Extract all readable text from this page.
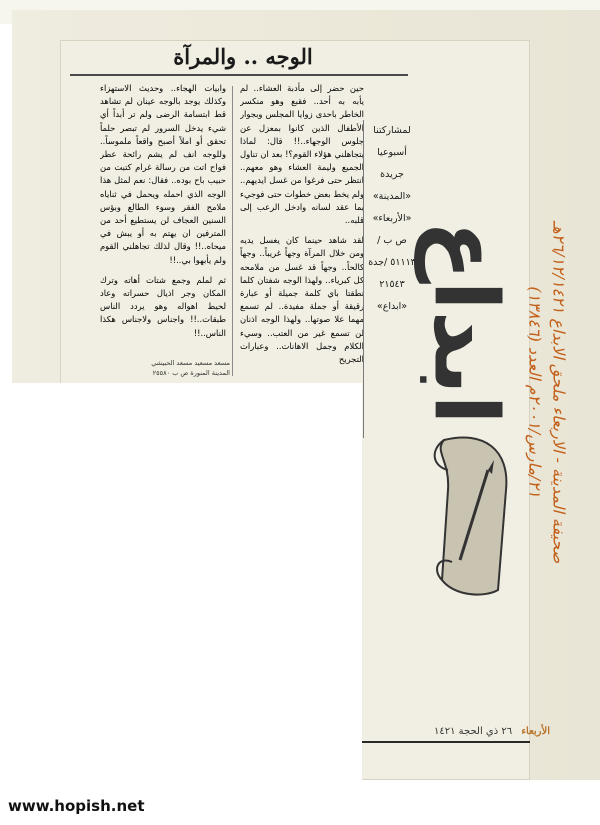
الوجه .. والمرآة

حين حضر إلى مأدبة العشاء.. لم يأبه به أحد.. فقبع وهو منكسر الخاطر باحدى زوايا المجلس وبجوار الأطفال الذين كانوا بمعزل عن جلوس الوجهاء..!! قال: لماذا يتجاهلني هؤلاء القوم؟! بعد ان تناول الجميع وليمة العشاء وهو معهم.. انتظر حتى فرغوا من غسل ايديهم.. ولم يخط بعض خطوات حتى فوجيء بما عقد لسانه وادخل الرعب إلى قلبه..

لقد شاهد حينما كان يغسل يديه ومن خلال المرآة وجهاً غريباً.. وجهاً كالحاً.. وجهاً قد غسل من ملامحه كل كبرياء.. ولهذا الوجه شفتان كلما نطقتا باي كلمة جميلة أو عبارة رقيقة أو جملة مفيدة.. لم تسمع مهما علا صوتها.. ولهذا الوجه اذنان لن تسمع غير من العتب.. وسيء الكلام وجمل الاهانات.. وعبارات التجريح

وابيات الهجاء.. وحديث الاستهزاء وكذلك يوجد بالوجه عينان لم تشاهد قط ابتسامة الرضى ولم تر أبداً أي شيء يدخل السرور لم تبصر حلماً تحقق أو املاً أصبح واقعاً ملموساً.. وللوجه انف لم يشم رائحة عطر فواح اتت من رسالة غرام كتبت من حبيب باح بوده.. فقال: نعم لمثل هذا الوجه الذي احمله ويحمل في ثناياه ملامح الفقر وسوء الطالع وبؤس السنين العجاف لن يستطيع أحد من المترفين ان يهتم به أو يبش في ميحاه..!! وقال لذلك تجاهلني القوم ولم يأبهوا بي..!!

ثم لملم وجمع شتات أهاته وترك المكان وجر اذيال حسراته وعاد لحيط اهواله وهو يردد الناس طبقات..!! واجناس ولاجناس هكذا الناس..!!

مسعد مسعيد مسعد الحبيشي
المدينة المنورة ص ب ٢٥٥٨٠
لمشاركتنا
أسبوعيا
جريدة
«المدينة»
«الأربعاء»
ص ب /
٥١١١٣ /جدة
٢١٥٤٣
«ابداع» ابداع صحيفة المدينة - الاربعاء ملحق الابداع ٢٦/١٢/١٤٢١هـ
٢١/مارس/٢٠٠١م العدد (١٣٨٤٦)
الأربعاء ٢٦ ذي الحجة ١٤٢١
www.hopish.net
